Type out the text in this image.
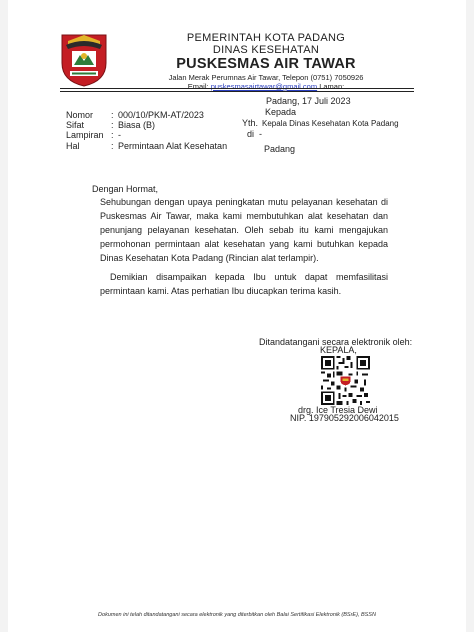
PEMERINTAH KOTA PADANG
DINAS KESEHATAN
PUSKESMAS AIR TAWAR
Jalan Merak Perumnas Air Tawar, Telepon (0751) 7050926
Email: puskesmasairtawar@gmail.com Laman:
Padang, 17 Juli 2023
Nomor : 000/10/PKM-AT/2023
Sifat	: Biasa (B)
Lampiran : -
Hal	: Permintaan Alat Kesehatan
Kepada
Yth. Kepala Dinas Kesehatan Kota Padang
di -
Padang
Dengan Hormat,
Sehubungan dengan upaya peningkatan mutu pelayanan kesehatan di Puskesmas Air Tawar, maka kami membutuhkan alat kesehatan dan penunjang pelayanan kesehatan. Oleh sebab itu kami mengajukan permohonan permintaan alat kesehatan yang kami butuhkan kepada Dinas Kesehatan Kota Padang (Rincian alat terlampir).
Demikian disampaikan kepada Ibu untuk dapat memfasilitasi permintaan kami. Atas perhatian Ibu diucapkan terima kasih.
Ditandatangani secara elektronik oleh:
KEPALA,
drg. Ice Tresia Dewi
NIP. 197905292006042015
Dokumen ini telah ditandatangani secara elektronik yang diterbitkan oleh Balai Sertifikasi Elektronik (BSrE), BSSN
